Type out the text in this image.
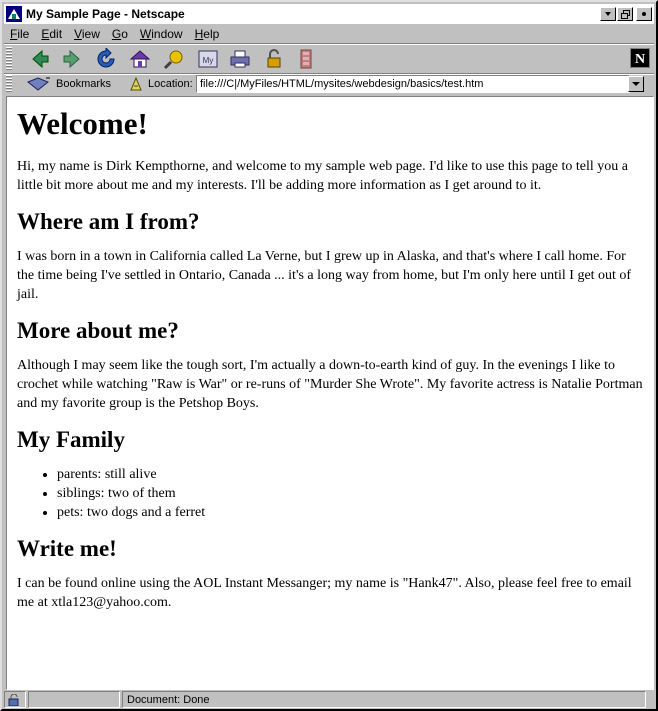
My Sample Page - Netscape
File	Edit	View	Go	Window	Help
My	N
Bookmarks	Location: file:///C|/MyFiles/HTML/mysites/webdesign/basics/test.htm
Welcome!

Hi, my name is Dirk Kempthorne, and welcome to my sample web page. I'd like to use this page to tell you a little bit more about me and my interests. I'll be adding more information as I get around to it.

Where am I from?

I was born in a town in California called La Verne, but I grew up in Alaska, and that's where I call home. For the time being I've settled in Ontario, Canada ... it's a long way from home, but I'm only here until I get out of jail.

More about me?

Although I may seem like the tough sort, I'm actually a down-to-earth kind of guy. In the evenings I like to crochet while watching "Raw is War" or re-runs of "Murder She Wrote". My favorite actress is Natalie Portman and my favorite group is the Petshop Boys.

My Family
• parents: still alive
• siblings: two of them
• pets: two dogs and a ferret
Write me!

I can be found online using the AOL Instant Messanger; my name is "Hank47". Also, please feel free to email me at xtla123@yahoo.com.

Document: Done
